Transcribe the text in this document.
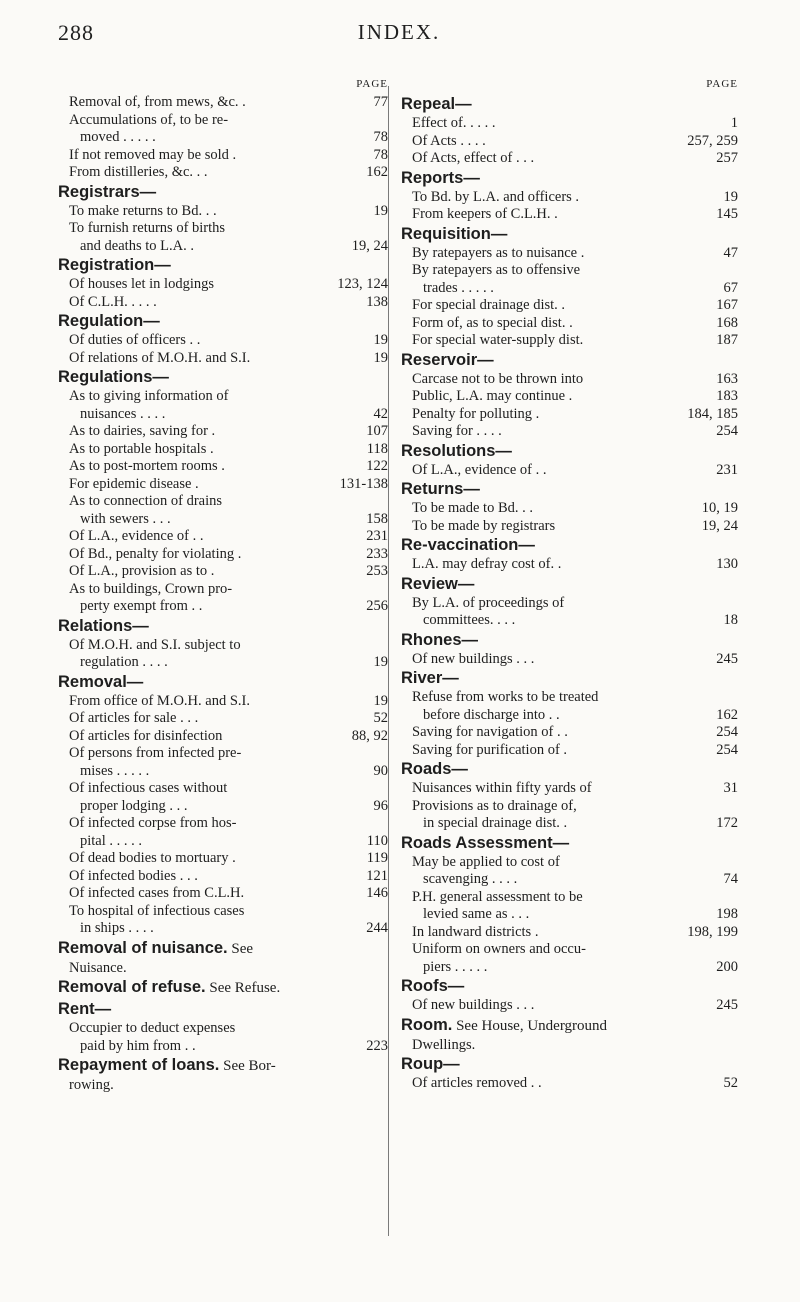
288	INDEX.
PAGE
Removal of, from mews, &c. .	77
Accumulations of, to be re-
moved . . . . .	78
If not removed may be sold .	78
From distilleries, &c. . .	162
Registrars—
To make returns to Bd. . .	19
To furnish returns of births
and deaths to L.A. .	19, 24
Registration—
Of houses let in lodgings	123, 124
Of C.L.H. . . . .	138
Regulation—
Of duties of officers . .	19
Of relations of M.O.H. and S.I.	19
Regulations—
As to giving information of
nuisances . . . .	42
As to dairies, saving for .	107
As to portable hospitals .	118
As to post-mortem rooms .	122
For epidemic disease .	131-138
As to connection of drains
with sewers . . .	158
Of L.A., evidence of . .	231
Of Bd., penalty for violating .	233
Of L.A., provision as to .	253
As to buildings, Crown pro-
perty exempt from . .	256
Relations—
Of M.O.H. and S.I. subject to
regulation . . . .	19
Removal—
From office of M.O.H. and S.I.	19
Of articles for sale . . .	52
Of articles for disinfection	88, 92
Of persons from infected pre-
mises . . . . .	90
Of infectious cases without
proper lodging . . .	96
Of infected corpse from hos-
pital . . . . .	110
Of dead bodies to mortuary .	119
Of infected bodies . . .	121
Of infected cases from C.L.H.	146
To hospital of infectious cases
in ships . . . .	244
Removal of nuisance. See
Nuisance.
Removal of refuse. See Refuse.
Rent—
Occupier to deduct expenses
paid by him from . .	223
Repayment of loans. See Bor-
rowing.
PAGE
Repeal—
Effect of. . . . .	1
Of Acts . . . .	257, 259
Of Acts, effect of . . .	257
Reports—
To Bd. by L.A. and officers .	19
From keepers of C.L.H. .	145
Requisition—
By ratepayers as to nuisance .	47
By ratepayers as to offensive
trades . . . . .	67
For special drainage dist. .	167
Form of, as to special dist. .	168
For special water-supply dist.	187
Reservoir—
Carcase not to be thrown into	163
Public, L.A. may continue .	183
Penalty for polluting .	184, 185
Saving for . . . .	254
Resolutions—
Of L.A., evidence of . .	231
Returns—
To be made to Bd. . .	10, 19
To be made by registrars	19, 24
Re-vaccination—
L.A. may defray cost of. .	130
Review—
By L.A. of proceedings of
committees. . . .	18
Rhones—
Of new buildings . . .	245
River—
Refuse from works to be treated
before discharge into . .	162
Saving for navigation of . .	254
Saving for purification of .	254
Roads—
Nuisances within fifty yards of	31
Provisions as to drainage of,
in special drainage dist. .	172
Roads Assessment—
May be applied to cost of
scavenging . . . .	74
P.H. general assessment to be
levied same as . . .	198
In landward districts .	198, 199
Uniform on owners and occu-
piers . . . . .	200
Roofs—
Of new buildings . . .	245
Room. See House, Underground
Dwellings.
Roup—
Of articles removed . .	52
